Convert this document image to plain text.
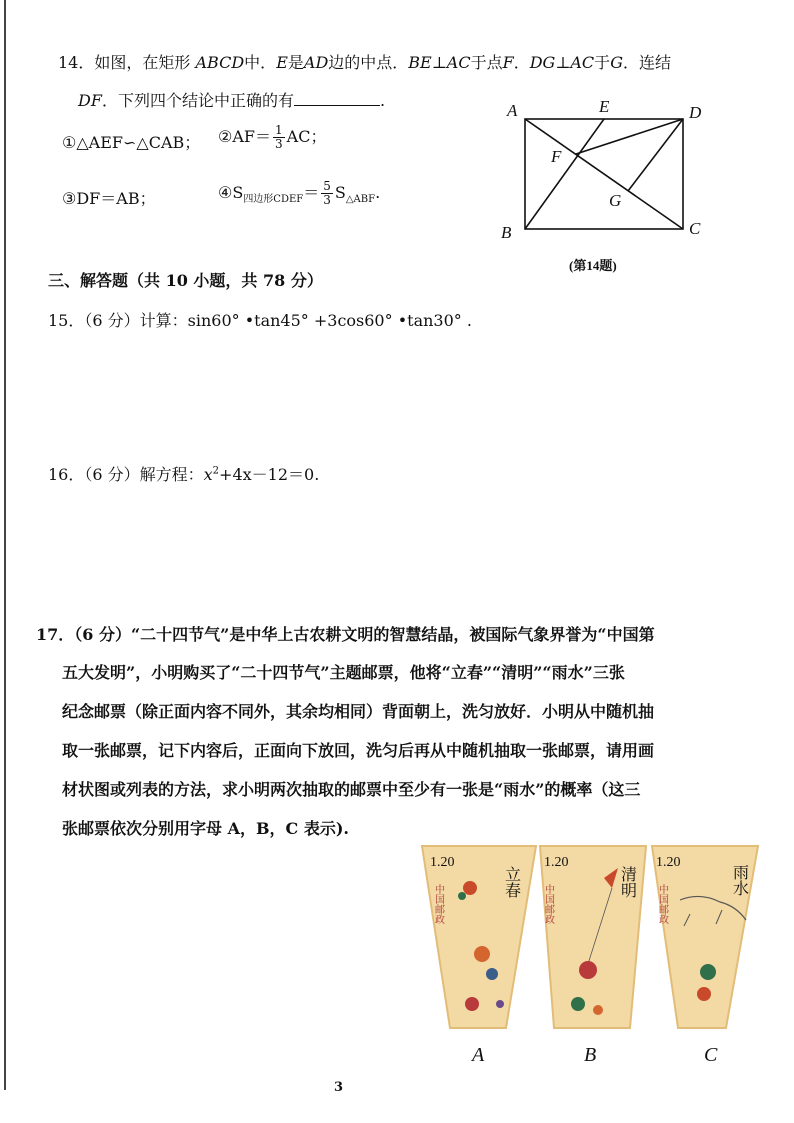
14．如图，在矩形 ABCD中．E是AD边的中点．BE⊥AC于点F．DG⊥AC于G．连结
DF．下列四个结论中正确的有	.
①△AEF∽△CAB； ②AF＝ $\frac{1}{3}$ AC；
③DF＝AB；	$④S_{四边形CDEF}= \frac{5}{3} S_{\triangle ABF}$.
A	E	D
F
G
B	C
(第14题)
三、解答题（共 10 小题，共 78 分）
15．（6 分）计算：sin60° •tan45° +3cos60° •tan30° .
16．（6 分）解方程：$x^2+4x-12=0$.
17．（6 分）“二十四节气”是中华上古农耕文明的智慧结晶，被国际气象界誉为“中国第
五大发明”，小明购买了“二十四节气”主题邮票，他将“立春”“清明”“雨水”三张
纪念邮票（除正面内容不同外，其余均相同）背面朝上，洗匀放好．小明从中随机抽
取一张邮票，记下内容后，正面向下放回，洗匀后再从中随机抽取一张邮票，请用画
材状图或列表的方法，求小明两次抽取的邮票中至少有一张是“雨水”的概率（这三
张邮票依次分别用字母 A，B，C 表示).
1.20
立春
中国邮政
1.20
清明
中国邮政
1.20
雨水
中国邮政
A	B	C
3
